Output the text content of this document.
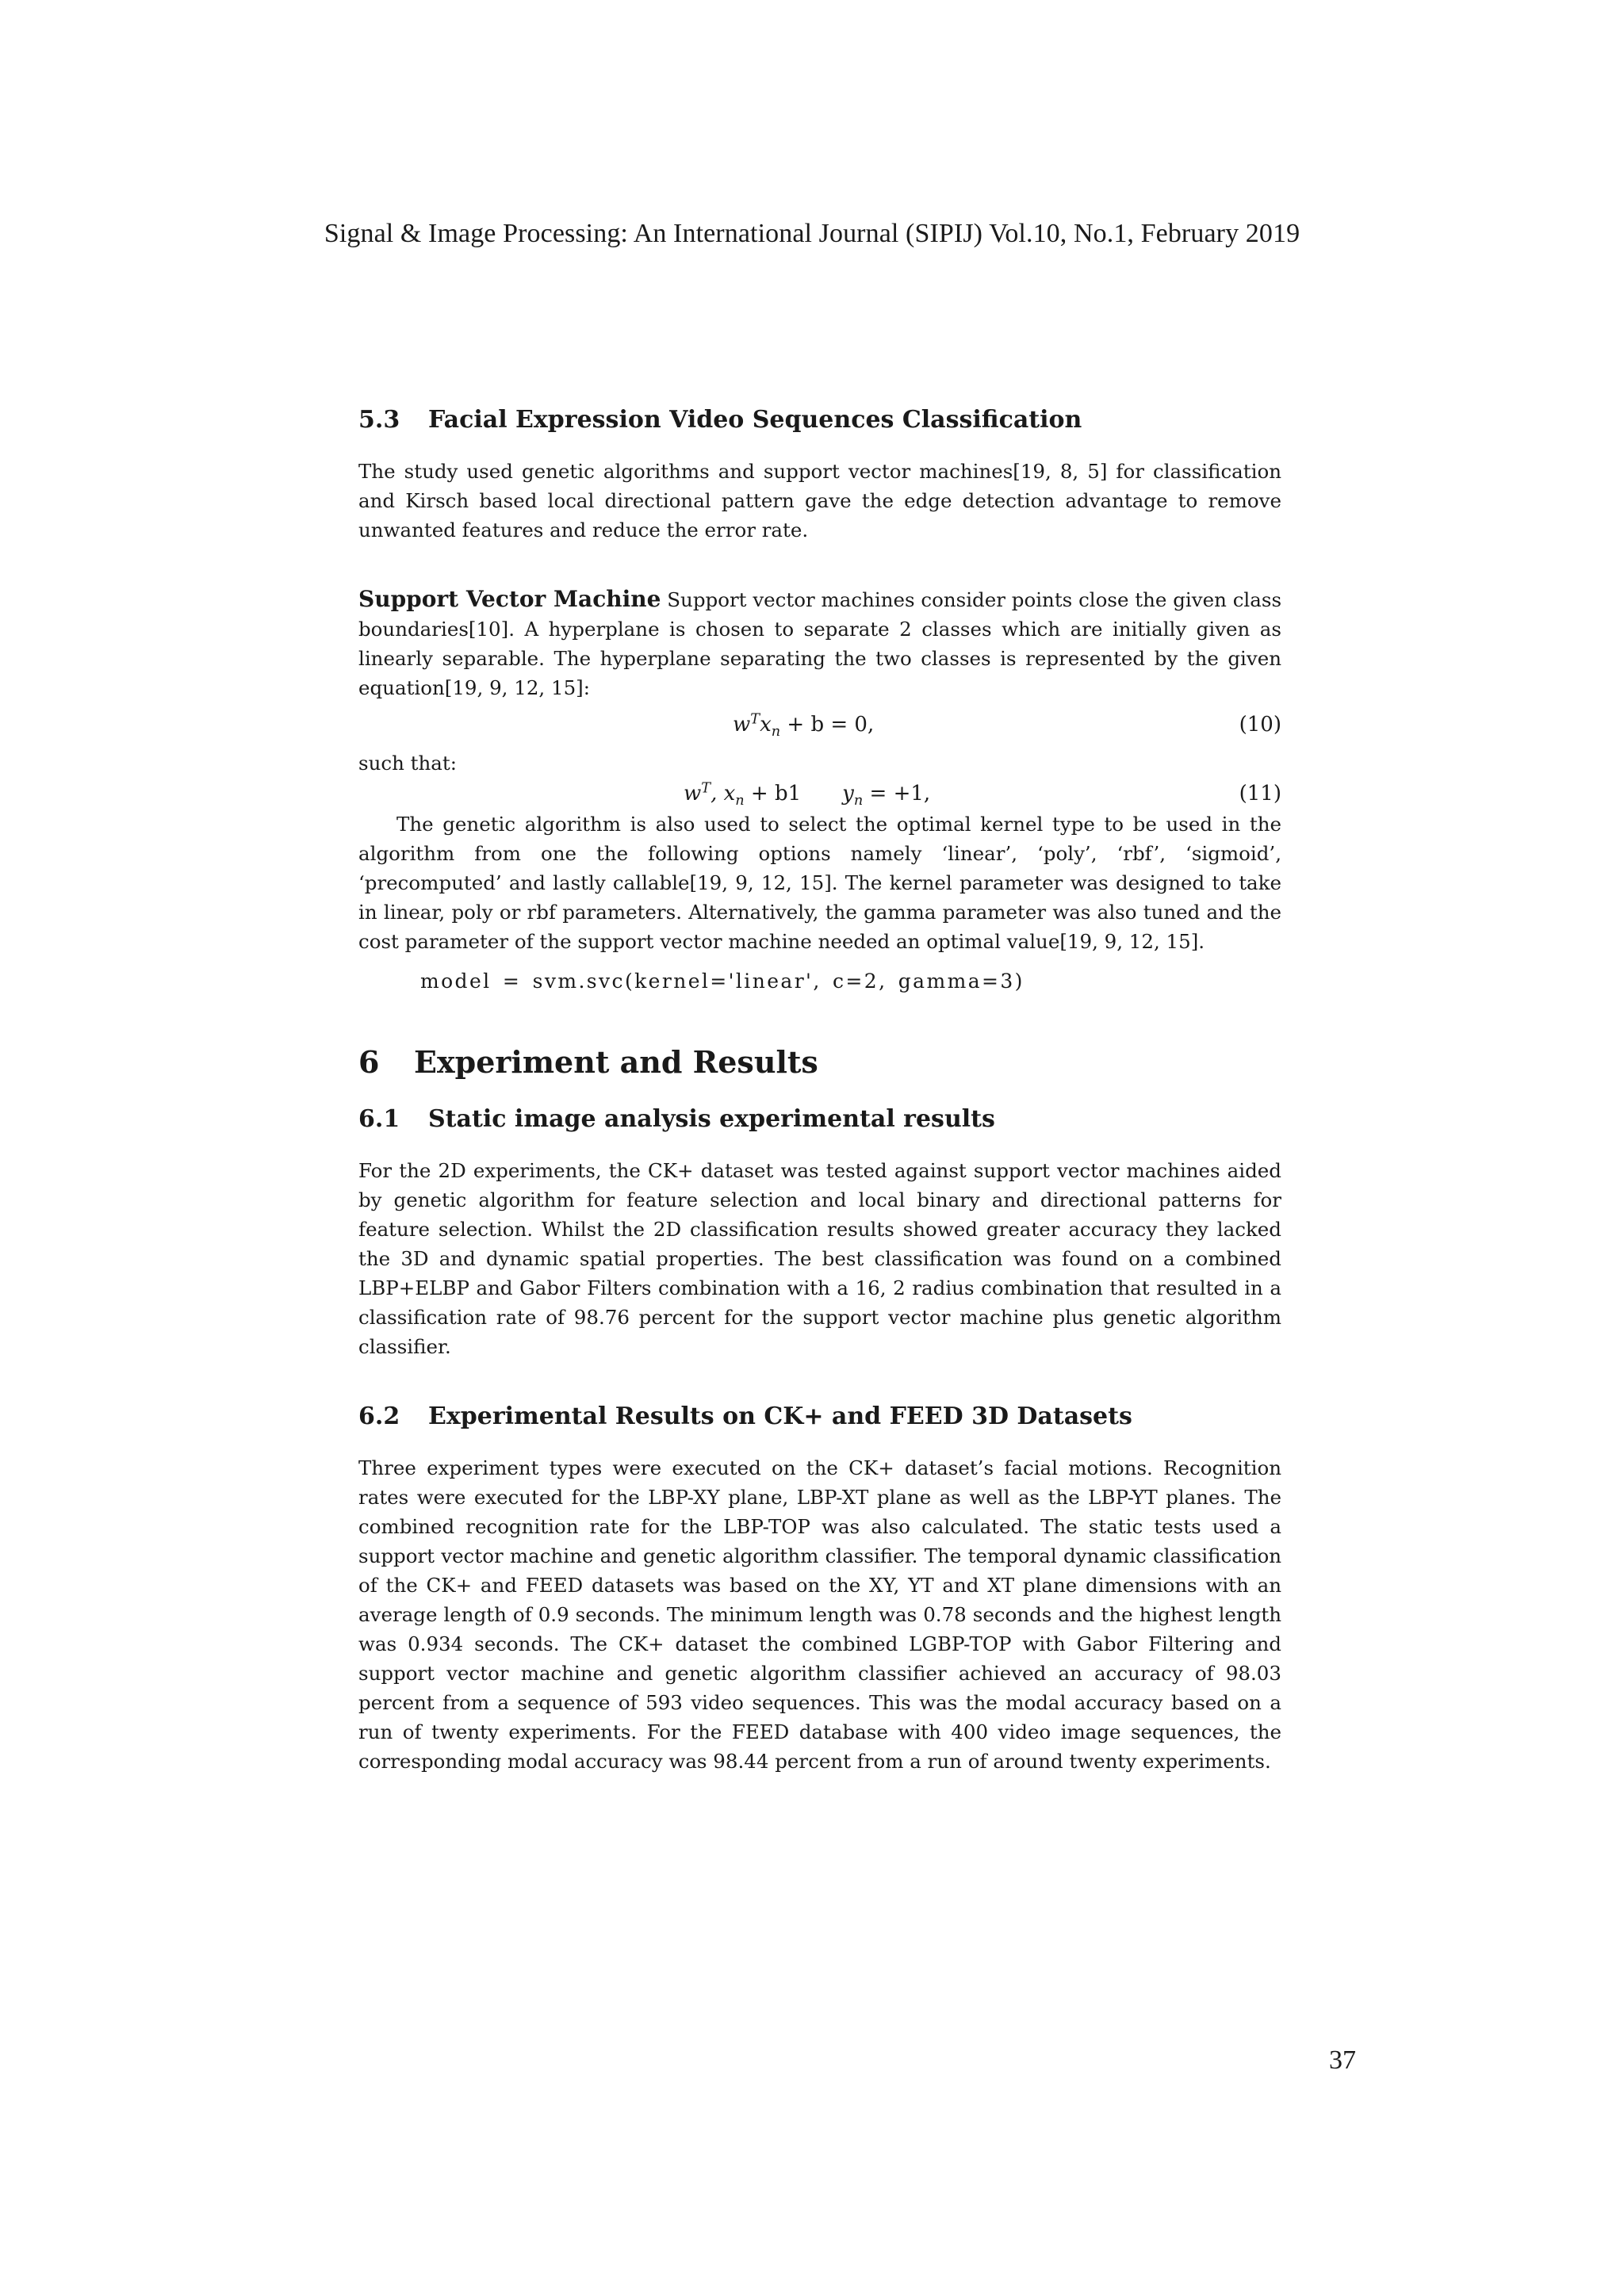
Signal & Image Processing: An International Journal (SIPIJ) Vol.10, No.1, February 2019
5.3 Facial Expression Video Sequences Classification

The study used genetic algorithms and support vector machines[19, 8, 5] for classification and Kirsch based local directional pattern gave the edge detection advantage to remove unwanted features and reduce the error rate.

Support Vector Machine Support vector machines consider points close the given class boundaries[10]. A hyperplane is chosen to separate 2 classes which are initially given as linearly separable. The hyperplane separating the two classes is represented by the given equation[19, 9, 12, 15]:

$w^Tx_n + b = 0$,	(10)

such that:

$w^T$, $x_n + b1$ $y_n = +1$,	(11)

The genetic algorithm is also used to select the optimal kernel type to be used in the algorithm from one the following options namely ‘linear’, ‘poly’, ‘rbf’, ‘sigmoid’, ‘precomputed’ and lastly callable[19, 9, 12, 15]. The kernel parameter was designed to take in linear, poly or rbf parameters. Alternatively, the gamma parameter was also tuned and the cost parameter of the support vector machine needed an optimal value[19, 9, 12, 15].

model = svm.svc(kernel='linear', c=2, gamma=3)
6 Experiment and Results
6.1 Static image analysis experimental results

For the 2D experiments, the CK+ dataset was tested against support vector machines aided by genetic algorithm for feature selection and local binary and directional patterns for feature selection. Whilst the 2D classification results showed greater accuracy they lacked the 3D and dynamic spatial properties. The best classification was found on a combined LBP+ELBP and Gabor Filters combination with a 16, 2 radius combination that resulted in a classification rate of 98.76 percent for the support vector machine plus genetic algorithm classifier.

6.2 Experimental Results on CK+ and FEED 3D Datasets

Three experiment types were executed on the CK+ dataset’s facial motions. Recognition rates were executed for the LBP-XY plane, LBP-XT plane as well as the LBP-YT planes. The combined recognition rate for the LBP-TOP was also calculated. The static tests used a support vector machine and genetic algorithm classifier. The temporal dynamic classification of the CK+ and FEED datasets was based on the XY, YT and XT plane dimensions with an average length of 0.9 seconds. The minimum length was 0.78 seconds and the highest length was 0.934 seconds. The CK+ dataset the combined LGBP-TOP with Gabor Filtering and support vector machine and genetic algorithm classifier achieved an accuracy of 98.03 percent from a sequence of 593 video sequences. This was the modal accuracy based on a run of twenty experiments. For the FEED database with 400 video image sequences, the corresponding modal accuracy was 98.44 percent from a run of around twenty experiments.

37
